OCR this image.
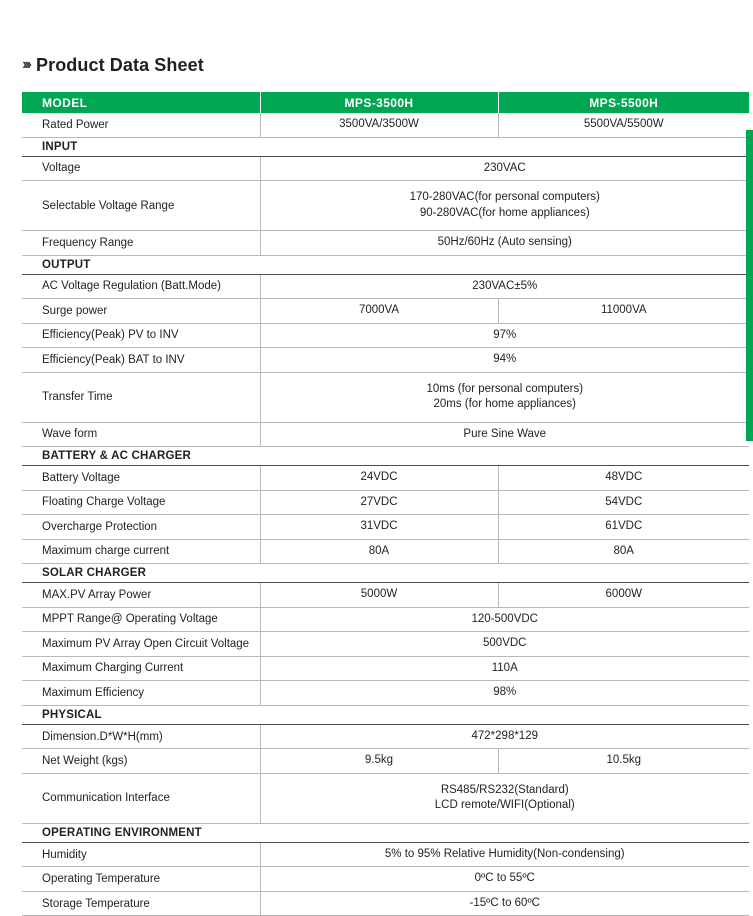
››› Product Data Sheet
MODEL	MPS-3500H	MPS-5500H
Rated Power	3500VA/3500W	5500VA/5500W
INPUT		
Voltage	230VAC	
Selectable Voltage Range	170-280VAC(for personal computers)
90-280VAC(for home appliances)	
Frequency Range	50Hz/60Hz (Auto sensing)	
OUTPUT		
AC Voltage Regulation (Batt.Mode)	230VAC±5%	
Surge power	7000VA	11000VA
Efficiency(Peak) PV to INV	97%	
Efficiency(Peak) BAT to INV	94%	
Transfer Time	10ms (for personal computers)
20ms (for home appliances)	
Wave form	Pure Sine Wave	
BATTERY & AC CHARGER		
Battery Voltage	24VDC	48VDC
Floating Charge Voltage	27VDC	54VDC
Overcharge Protection	31VDC	61VDC
Maximum charge current	80A	80A
SOLAR CHARGER		
MAX.PV Array Power	5000W	6000W
MPPT Range@ Operating Voltage	120-500VDC	
Maximum PV Array Open Circuit Voltage	500VDC	
Maximum Charging Current	110A	
Maximum Efficiency	98%	
PHYSICAL		
Dimension.D*W*H(mm)	472*298*129	
Net Weight (kgs)	9.5kg	10.5kg
Communication Interface	RS485/RS232(Standard)
LCD remote/WIFI(Optional)	
OPERATING ENVIRONMENT		
Humidity	5% to 95% Relative Humidity(Non-condensing)	
Operating Temperature	0ºC to 55ºC	
Storage Temperature	-15ºC to 60ºC	
